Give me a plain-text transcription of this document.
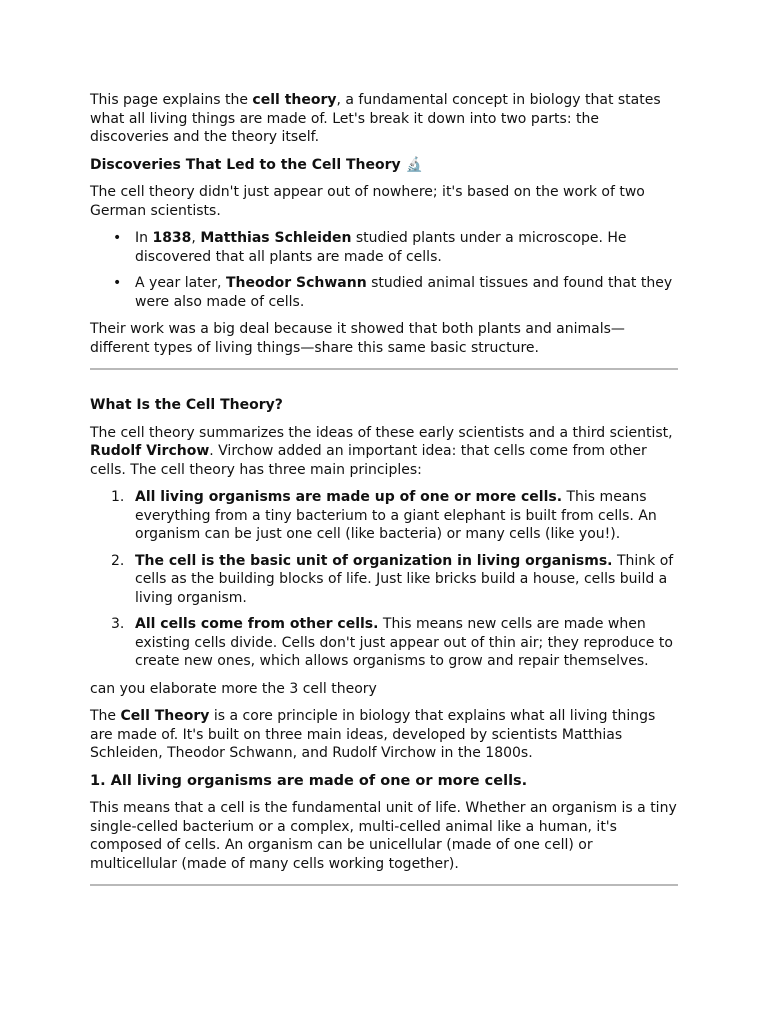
This page explains the cell theory, a fundamental concept in biology that states what all living things are made of. Let's break it down into two parts: the discoveries and the theory itself.

Discoveries That Led to the Cell Theory 🔬

The cell theory didn't just appear out of nowhere; it's based on the work of two German scientists.

• In 1838, Matthias Schleiden studied plants under a microscope. He discovered that all plants are made of cells.
• A year later, Theodor Schwann studied animal tissues and found that they were also made of cells.

Their work was a big deal because it showed that both plants and animals—different types of living things—share this same basic structure.

What Is the Cell Theory?

The cell theory summarizes the ideas of these early scientists and a third scientist, Rudolf Virchow. Virchow added an important idea: that cells come from other cells. The cell theory has three main principles:

1. All living organisms are made up of one or more cells. This means everything from a tiny bacterium to a giant elephant is built from cells. An organism can be just one cell (like bacteria) or many cells (like you!).
2. The cell is the basic unit of organization in living organisms. Think of cells as the building blocks of life. Just like bricks build a house, cells build a living organism.
3. All cells come from other cells. This means new cells are made when existing cells divide. Cells don't just appear out of thin air; they reproduce to create new ones, which allows organisms to grow and repair themselves.

can you elaborate more the 3 cell theory

The Cell Theory is a core principle in biology that explains what all living things are made of. It's built on three main ideas, developed by scientists Matthias Schleiden, Theodor Schwann, and Rudolf Virchow in the 1800s.

1. All living organisms are made of one or more cells.

This means that a cell is the fundamental unit of life. Whether an organism is a tiny single-celled bacterium or a complex, multi-celled animal like a human, it's composed of cells. An organism can be unicellular (made of one cell) or multicellular (made of many cells working together).
